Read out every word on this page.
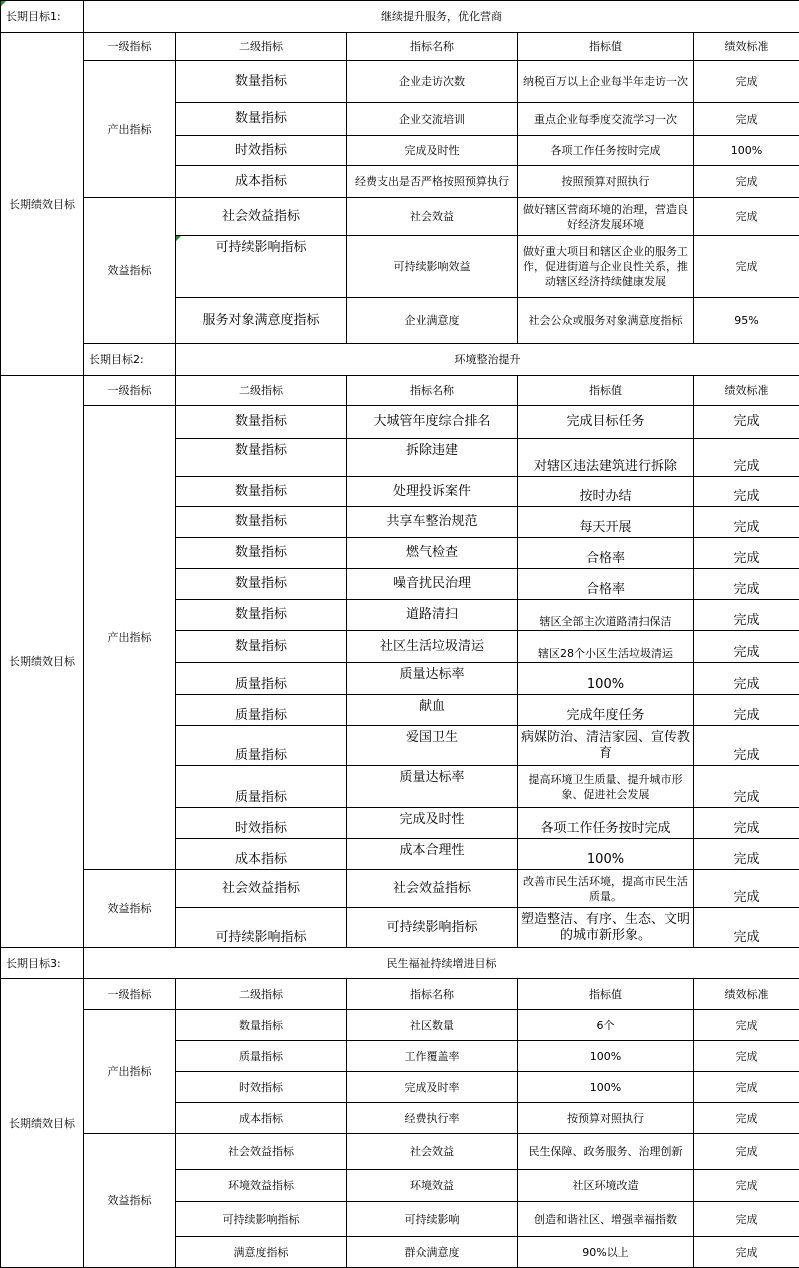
长期目标1:	继续提升服务，优化营商				
长期绩效目标	一级指标	二级指标	指标名称	指标值	绩效标准
	产出指标	数量指标	企业走访次数	纳税百万以上企业每半年走访一次	完成
		数量指标	企业交流培训	重点企业每季度交流学习一次	完成
		时效指标	完成及时性	各项工作任务按时完成	100%
		成本指标	经费支出是否严格按照预算执行	按照预算对照执行	完成
	效益指标	社会效益指标	社会效益	做好辖区营商环境的治理，营造良好经济发展环境	完成
		可持续影响指标	可持续影响效益	做好重大项目和辖区企业的服务工作，促进街道与企业良性关系，推动辖区经济持续健康发展	完成
		服务对象满意度指标	企业满意度	社会公众或服务对象满意度指标	95%
	长期目标2:	环境整治提升			
长期绩效目标	一级指标	二级指标	指标名称	指标值	绩效标准
	产出指标	数量指标	大城管年度综合排名	完成目标任务	完成
		数量指标	拆除违建	对辖区违法建筑进行拆除	完成
		数量指标	处理投诉案件	按时办结	完成
		数量指标	共享车整治规范	每天开展	完成
		数量指标	燃气检查	合格率	完成
		数量指标	噪音扰民治理	合格率	完成
		数量指标	道路清扫	辖区全部主次道路清扫保洁	完成
		数量指标	社区生活垃圾清运	辖区28个小区生活垃圾清运	完成
		质量指标	质量达标率	100%	完成
		质量指标	献血	完成年度任务	完成
		质量指标	爱国卫生	病媒防治、清洁家园、宣传教育	完成
		质量指标	质量达标率	提高环境卫生质量、提升城市形象、促进社会发展	完成
		时效指标	完成及时性	各项工作任务按时完成	完成
		成本指标	成本合理性	100%	完成
	效益指标	社会效益指标	社会效益指标	改善市民生活环境，提高市民生活质量。	完成
		可持续影响指标	可持续影响指标	塑造整洁、有序、生态、文明的城市新形象。	完成
长期目标3:	民生福祉持续增进目标				
长期绩效目标	一级指标	二级指标	指标名称	指标值	绩效标准
	产出指标	数量指标	社区数量	6个	完成
		质量指标	工作覆盖率	100%	完成
		时效指标	完成及时率	100%	完成
		成本指标	经费执行率	按预算对照执行	完成
	效益指标	社会效益指标	社会效益	民生保障、政务服务、治理创新	完成
		环境效益指标	环境效益	社区环境改造	完成
		可持续影响指标	可持续影响	创造和谐社区、增强幸福指数	完成
		满意度指标	群众满意度	90%以上	完成
